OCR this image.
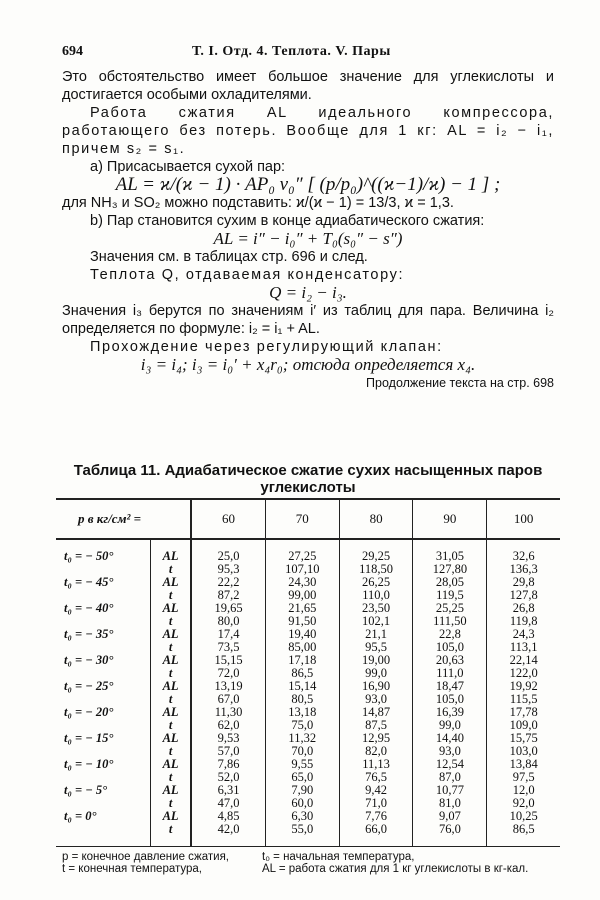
694	Т. I. Отд. 4. Теплота. V. Пары

Это обстоятельство имеет большое значение для углекислоты и достигается особыми охладителями.

Работа сжатия AL идеального компрессора, работающего без потерь. Вообще для 1 кг: AL = i₂ − i₁, причем s₂ = s₁.

a) Присасывается сухой пар:

AL = ϰ/(ϰ − 1) · AP₀ v₀″ [ (p/p₀)^((ϰ−1)/ϰ) − 1 ] ;

для NH₃ и SO₂ можно подставить: ϰ/(ϰ − 1) = 13/3, ϰ = 1,3.

b) Пар становится сухим в конце адиабатического сжатия:

AL = i″ − i₀″ + T₀(s₀″ − s″)

Значения см. в таблицах стр. 696 и след.

Теплота Q, отдаваемая конденсатору:

Q = i₂ − i₃.

Значения i₃ берутся по значениям i′ из таблиц для пара. Величина i₂ определяется по формуле: i₂ = i₁ + AL.

Прохождение через регулирующий клапан:

i₃ = i₄; i₃ = i₀′ + x₄r₀; отсюда определяется x₄.

Продолжение текста на стр. 698

Таблица 11. Адиабатическое сжатие сухих насыщенных паров углекислоты
p в кг/см² =		60	70	80	90	100
t₀ = − 50°	AL	25,0	27,25	29,25	31,05	32,6
	t	95,3	107,10	118,50	127,80	136,3
t₀ = − 45°	AL	22,2	24,30	26,25	28,05	29,8
	t	87,2	99,00	110,0	119,5	127,8
t₀ = − 40°	AL	19,65	21,65	23,50	25,25	26,8
	t	80,0	91,50	102,1	111,50	119,8
t₀ = − 35°	AL	17,4	19,40	21,1	22,8	24,3
	t	73,5	85,00	95,5	105,0	113,1
t₀ = − 30°	AL	15,15	17,18	19,00	20,63	22,14
	t	72,0	86,5	99,0	111,0	122,0
t₀ = − 25°	AL	13,19	15,14	16,90	18,47	19,92
	t	67,0	80,5	93,0	105,0	115,5
t₀ = − 20°	AL	11,30	13,18	14,87	16,39	17,78
	t	62,0	75,0	87,5	99,0	109,0
t₀ = − 15°	AL	9,53	11,32	12,95	14,40	15,75
	t	57,0	70,0	82,0	93,0	103,0
t₀ = − 10°	AL	7,86	9,55	11,13	12,54	13,84
	t	52,0	65,0	76,5	87,0	97,5
t₀ = − 5°	AL	6,31	7,90	9,42	10,77	12,0
	t	47,0	60,0	71,0	81,0	92,0
t₀ = 0°	AL	4,85	6,30	7,76	9,07	10,25
	t	42,0	55,0	66,0	76,0	86,5
p = конечное давление сжатия,	t₀ = начальная температура,
t = конечная температура,	AL = работа сжатия для 1 кг углекислоты в кг-кал.
